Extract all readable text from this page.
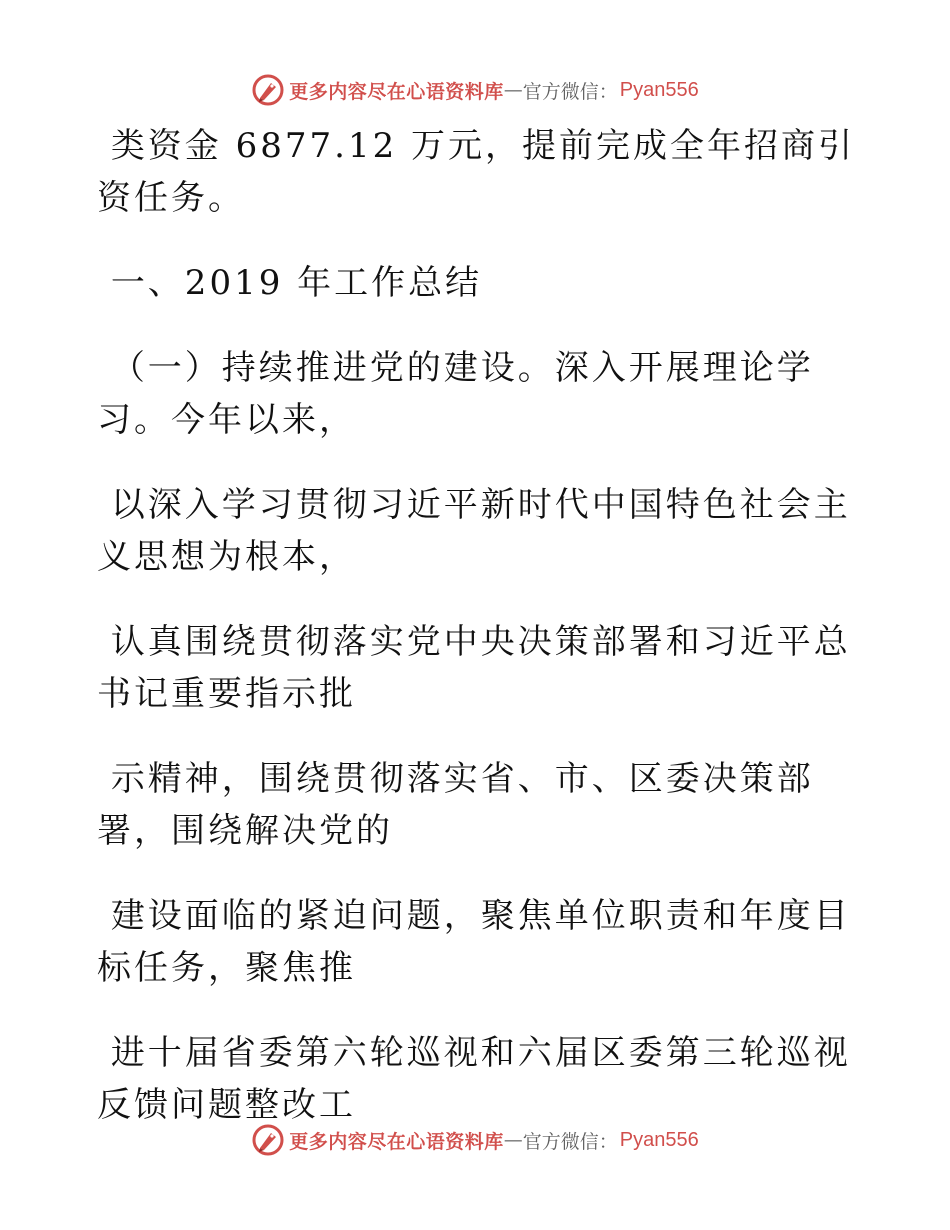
更多内容尽在心语资料库 — 官方微信： Pyan556

类资金 6877.12 万元，提前完成全年招商引资任务。

一、2019 年工作总结

（一）持续推进党的建设。深入开展理论学习。今年以来，

以深入学习贯彻习近平新时代中国特色社会主义思想为根本，

认真围绕贯彻落实党中央决策部署和习近平总书记重要指示批

示精神，围绕贯彻落实省、市、区委决策部署，围绕解决党的

建设面临的紧迫问题，聚焦单位职责和年度目标任务，聚焦推

进十届省委第六轮巡视和六届区委第三轮巡视反馈问题整改工

更多内容尽在心语资料库 — 官方微信： Pyan556
